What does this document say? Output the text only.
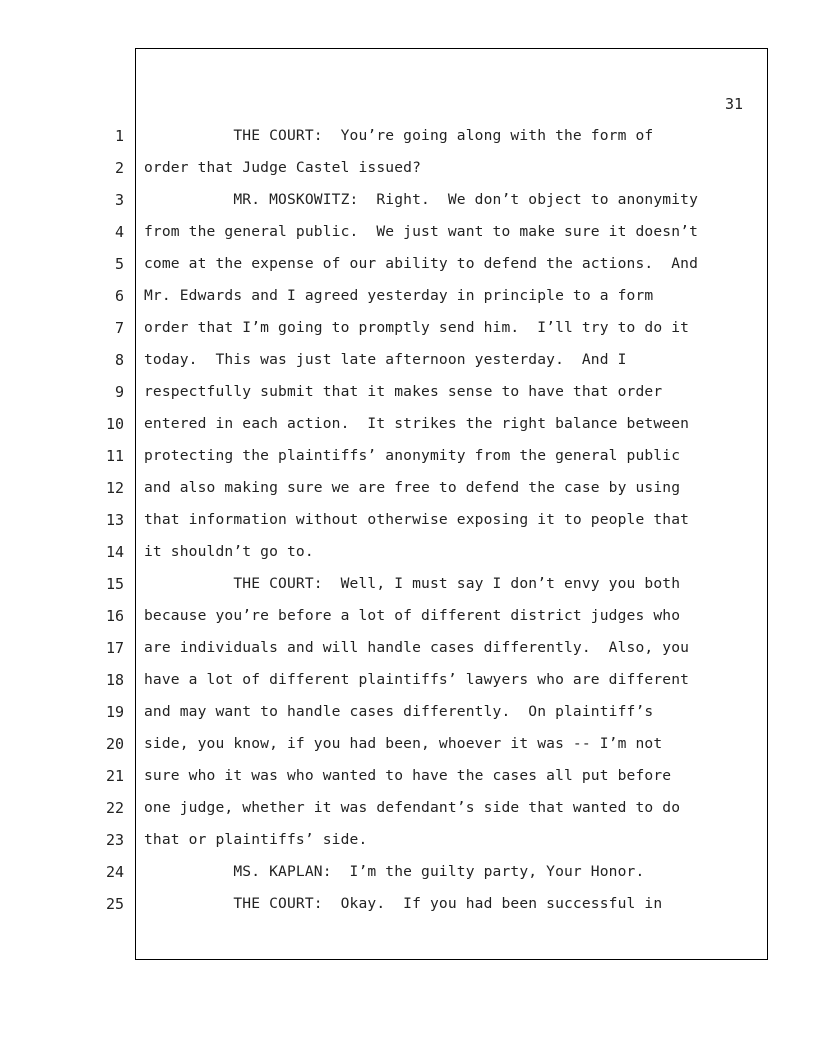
31
1 THE COURT:  You’re going along with the form of
2 order that Judge Castel issued?
3 MR. MOSKOWITZ:  Right.  We don’t object to anonymity
4 from the general public.  We just want to make sure it doesn’t
5 come at the expense of our ability to defend the actions.  And
6 Mr. Edwards and I agreed yesterday in principle to a form
7 order that I’m going to promptly send him.  I’ll try to do it
8 today.  This was just late afternoon yesterday.  And I
9 respectfully submit that it makes sense to have that order
10 entered in each action.  It strikes the right balance between
11 protecting the plaintiffs’ anonymity from the general public
12 and also making sure we are free to defend the case by using
13 that information without otherwise exposing it to people that
14 it shouldn’t go to.
15 THE COURT:  Well, I must say I don’t envy you both
16 because you’re before a lot of different district judges who
17 are individuals and will handle cases differently.  Also, you
18 have a lot of different plaintiffs’ lawyers who are different
19 and may want to handle cases differently.  On plaintiff’s
20 side, you know, if you had been, whoever it was -- I’m not
21 sure who it was who wanted to have the cases all put before
22 one judge, whether it was defendant’s side that wanted to do
23 that or plaintiffs’ side.
24 MS. KAPLAN:  I’m the guilty party, Your Honor.
25 THE COURT:  Okay.  If you had been successful in
